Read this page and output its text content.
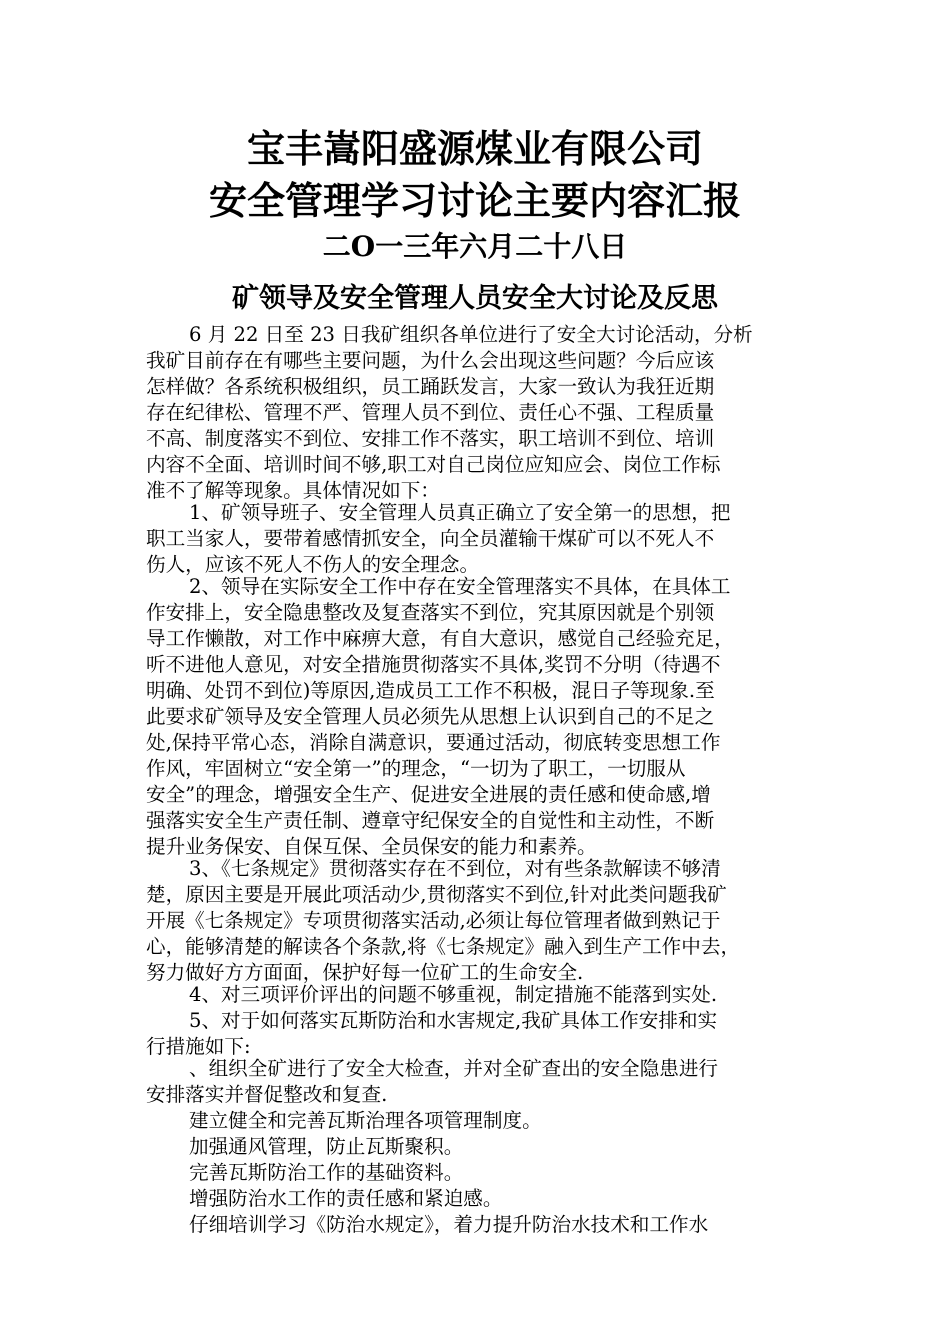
宝丰嵩阳盛源煤业有限公司
安全管理学习讨论主要内容汇报
二O一三年六月二十八日
矿领导及安全管理人员安全大讨论及反思
6 月 22 日至 23 日我矿组织各单位进行了安全大讨论活动，分析
我矿目前存在有哪些主要问题，为什么会出现这些问题？今后应该
怎样做？各系统积极组织，员工踊跃发言，大家一致认为我狂近期
存在纪律松、管理不严、管理人员不到位、责任心不强、工程质量
不高、制度落实不到位、安排工作不落实，职工培训不到位、培训
内容不全面、培训时间不够,职工对自己岗位应知应会、岗位工作标
准不了解等现象。具体情况如下：
1、矿领导班子、安全管理人员真正确立了安全第一的思想，把
职工当家人，要带着感情抓安全，向全员灌输干煤矿可以不死人不
伤人，应该不死人不伤人的安全理念。
2、领导在实际安全工作中存在安全管理落实不具体，在具体工
作安排上，安全隐患整改及复查落实不到位，究其原因就是个别领
导工作懒散，对工作中麻痹大意，有自大意识，感觉自己经验充足，
听不进他人意见，对安全措施贯彻落实不具体,奖罚不分明（待遇不
明确、处罚不到位)等原因,造成员工工作不积极，混日子等现象.至
此要求矿领导及安全管理人员必须先从思想上认识到自己的不足之
处,保持平常心态，消除自满意识，要通过活动，彻底转变思想工作
作风，牢固树立“安全第一”的理念，“一切为了职工，一切服从
安全”的理念，增强安全生产、促进安全进展的责任感和使命感,增
强落实安全生产责任制、遵章守纪保安全的自觉性和主动性，不断
提升业务保安、自保互保、全员保安的能力和素养。
3、《七条规定》贯彻落实存在不到位，对有些条款解读不够清
楚，原因主要是开展此项活动少,贯彻落实不到位,针对此类问题我矿
开展《七条规定》专项贯彻落实活动,必须让每位管理者做到熟记于
心，能够清楚的解读各个条款,将《七条规定》融入到生产工作中去，
努力做好方方面面，保护好每一位矿工的生命安全.
4、对三项评价评出的问题不够重视，制定措施不能落到实处.
5、对于如何落实瓦斯防治和水害规定,我矿具体工作安排和实
行措施如下:
、组织全矿进行了安全大检查，并对全矿查出的安全隐患进行
安排落实并督促整改和复查.
建立健全和完善瓦斯治理各项管理制度。
加强通风管理，防止瓦斯聚积。
完善瓦斯防治工作的基础资料。
增强防治水工作的责任感和紧迫感。
仔细培训学习《防治水规定》，着力提升防治水技术和工作水
